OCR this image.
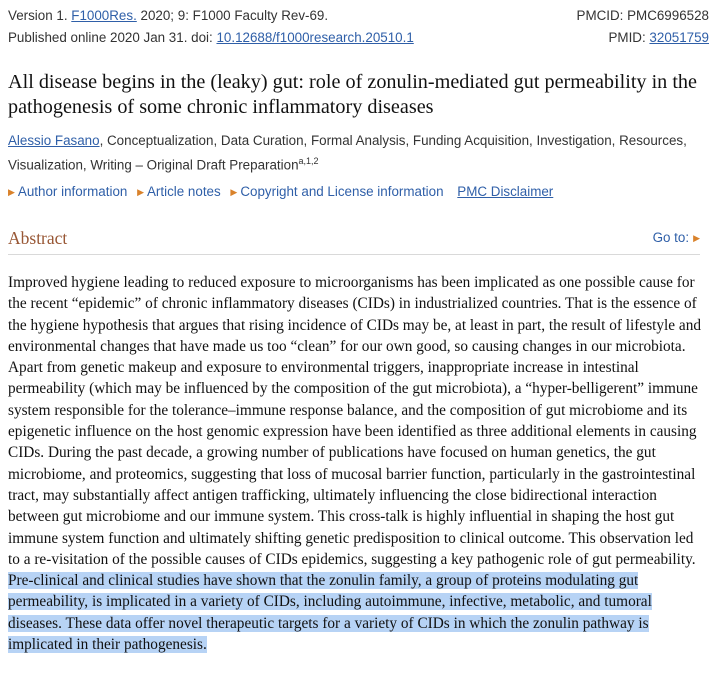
Version 1. F1000Res. 2020; 9: F1000 Faculty Rev-69.	PMCID: PMC6996528
Published online 2020 Jan 31. doi: 10.12688/f1000research.20510.1	PMID: 32051759
All disease begins in the (leaky) gut: role of zonulin-mediated gut permeability in the pathogenesis of some chronic inflammatory diseases
Alessio Fasano, Conceptualization, Data Curation, Formal Analysis, Funding Acquisition, Investigation, Resources, Visualization, Writing – Original Draft Preparation$^{a,1,2}$
▶ Author information ▶ Article notes ▶ Copyright and License information PMC Disclaimer
Abstract	Go to: ▶

Improved hygiene leading to reduced exposure to microorganisms has been implicated as one possible cause for the recent “epidemic” of chronic inflammatory diseases (CIDs) in industrialized countries. That is the essence of the hygiene hypothesis that argues that rising incidence of CIDs may be, at least in part, the result of lifestyle and environmental changes that have made us too “clean” for our own good, so causing changes in our microbiota. Apart from genetic makeup and exposure to environmental triggers, inappropriate increase in intestinal permeability (which may be influenced by the composition of the gut microbiota), a “hyper-belligerent” immune system responsible for the tolerance–immune response balance, and the composition of gut microbiome and its epigenetic influence on the host genomic expression have been identified as three additional elements in causing CIDs. During the past decade, a growing number of publications have focused on human genetics, the gut microbiome, and proteomics, suggesting that loss of mucosal barrier function, particularly in the gastrointestinal tract, may substantially affect antigen trafficking, ultimately influencing the close bidirectional interaction between gut microbiome and our immune system. This cross-talk is highly influential in shaping the host gut immune system function and ultimately shifting genetic predisposition to clinical outcome. This observation led to a re-visitation of the possible causes of CIDs epidemics, suggesting a key pathogenic role of gut permeability. Pre-clinical and clinical studies have shown that the zonulin family, a group of proteins modulating gut permeability, is implicated in a variety of CIDs, including autoimmune, infective, metabolic, and tumoral diseases. These data offer novel therapeutic targets for a variety of CIDs in which the zonulin pathway is implicated in their pathogenesis.
